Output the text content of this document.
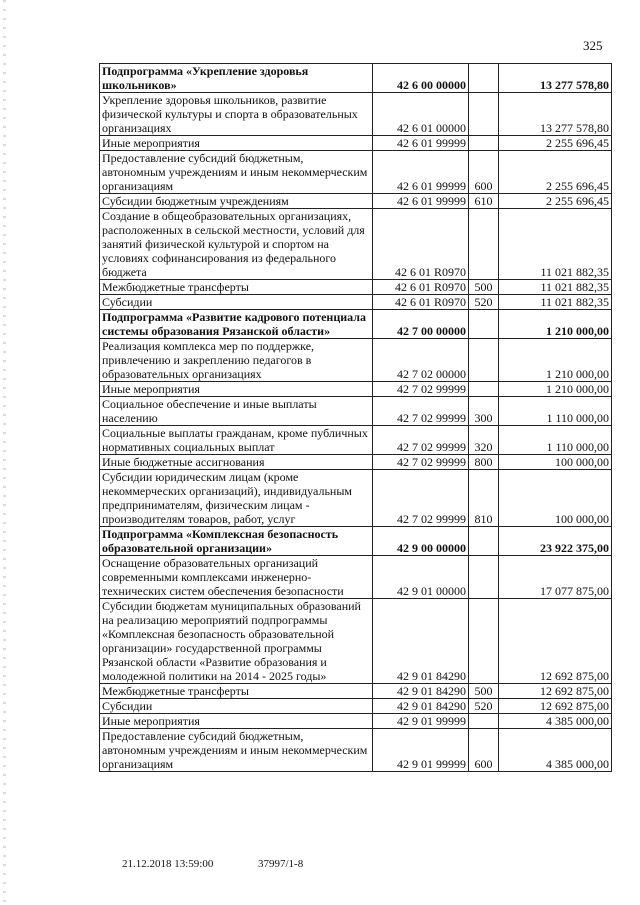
325
Подпрограмма «Укрепление здоровья школьников»	42 6 00 00000		13 277 578,80
Укрепление здоровья школьников, развитие физической культуры и спорта в образовательных организациях	42 6 01 00000		13 277 578,80
Иные мероприятия	42 6 01 99999		2 255 696,45
Предоставление субсидий бюджетным, автономным учреждениям и иным некоммерческим организациям	42 6 01 99999	600	2 255 696,45
Субсидии бюджетным учреждениям	42 6 01 99999	610	2 255 696,45
Создание в общеобразовательных организациях, расположенных в сельской местности, условий для занятий физической культурой и спортом на условиях софинансирования из федерального бюджета	42 6 01 R0970		11 021 882,35
Межбюджетные трансферты	42 6 01 R0970	500	11 021 882,35
Субсидии	42 6 01 R0970	520	11 021 882,35
Подпрограмма «Развитие кадрового потенциала системы образования Рязанской области»	42 7 00 00000		1 210 000,00
Реализация комплекса мер по поддержке, привлечению и закреплению педагогов в образовательных организациях	42 7 02 00000		1 210 000,00
Иные мероприятия	42 7 02 99999		1 210 000,00
Социальное обеспечение и иные выплаты населению	42 7 02 99999	300	1 110 000,00
Социальные выплаты гражданам, кроме публичных нормативных социальных выплат	42 7 02 99999	320	1 110 000,00
Иные бюджетные ассигнования	42 7 02 99999	800	100 000,00
Субсидии юридическим лицам (кроме некоммерческих организаций), индивидуальным предпринимателям, физическим лицам - производителям товаров, работ, услуг	42 7 02 99999	810	100 000,00
Подпрограмма «Комплексная безопасность образовательной организации»	42 9 00 00000		23 922 375,00
Оснащение образовательных организаций современными комплексами инженерно-технических систем обеспечения безопасности	42 9 01 00000		17 077 875,00
Субсидии бюджетам муниципальных образований на реализацию мероприятий подпрограммы «Комплексная безопасность образовательной организации» государственной программы Рязанской области «Развитие образования и молодежной политики на 2014 - 2025 годы»	42 9 01 84290		12 692 875,00
Межбюджетные трансферты	42 9 01 84290	500	12 692 875,00
Субсидии	42 9 01 84290	520	12 692 875,00
Иные мероприятия	42 9 01 99999		4 385 000,00
Предоставление субсидий бюджетным, автономным учреждениям и иным некоммерческим организациям	42 9 01 99999	600	4 385 000,00
21.12.2018 13:59:00	37997/1-8
